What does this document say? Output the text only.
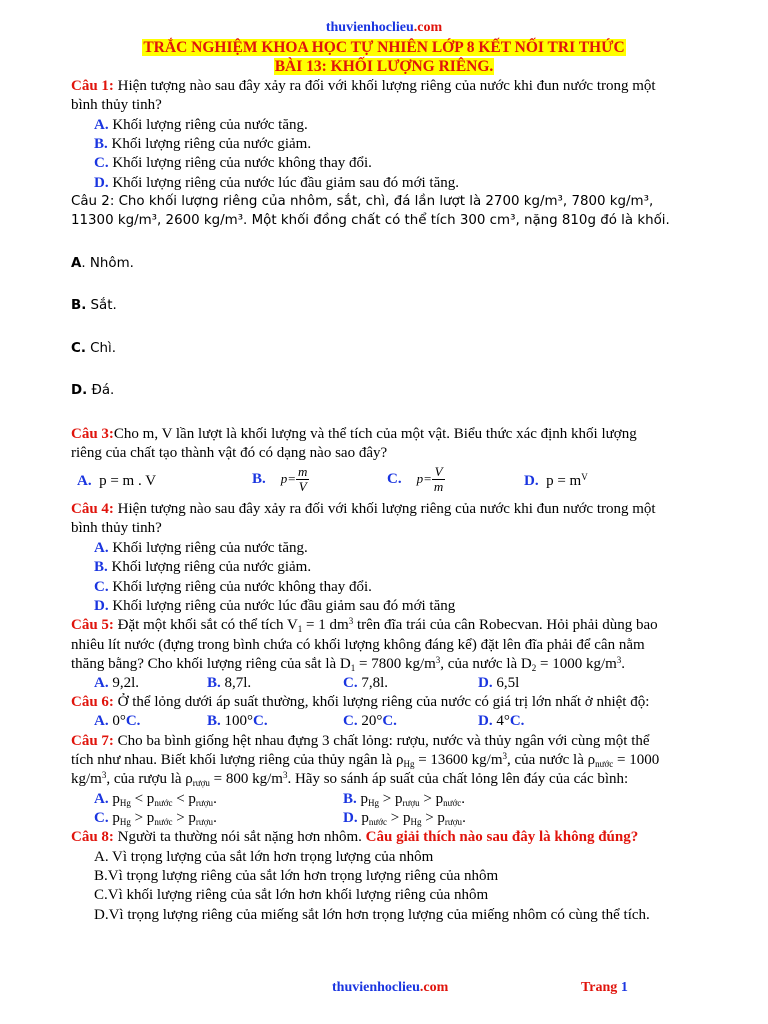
thuvienhoclieu.com
TRẮC NGHIỆM KHOA HỌC TỰ NHIÊN LỚP 8 KẾT NỐI TRI THỨC
BÀI 13: KHỐI LƯỢNG RIÊNG.
Câu 1: Hiện tượng nào sau đây xảy ra đối với khối lượng riêng của nước khi đun nước trong một
bình thủy tinh?
A. Khối lượng riêng của nước tăng.
B. Khối lượng riêng của nước giảm.
C. Khối lượng riêng của nước không thay đổi.
D. Khối lượng riêng của nước lúc đầu giảm sau đó mới tăng.
Câu 2: Cho khối lượng riêng của nhôm, sắt, chì, đá lần lượt là 2700 kg/m³, 7800 kg/m³,
11300 kg/m³, 2600 kg/m³. Một khối đồng chất có thể tích 300 cm³, nặng 810g đó là khối.
A. Nhôm.
B. Sắt.
C. Chì.
D. Đá.
Câu 3:Cho m, V lần lượt là khối lượng và thể tích của một vật. Biểu thức xác định khối lượng
riêng của chất tạo thành vật đó có dạng nào sao đây?
A. p = m . V	B. $p= \frac{m}{V}$	C. $p= \frac{V}{m}$	D. $p = m^V$
Câu 4: Hiện tượng nào sau đây xảy ra đối với khối lượng riêng của nước khi đun nước trong một
bình thủy tinh?
A. Khối lượng riêng của nước tăng.
B. Khối lượng riêng của nước giảm.
C. Khối lượng riêng của nước không thay đổi.
D. Khối lượng riêng của nước lúc đầu giảm sau đó mới tăng
Câu 5: Đặt một khối sắt có thể tích $V_1 = 1$ $dm^3$ trên đĩa trái của cân Robecvan. Hỏi phải dùng bao
nhiêu lít nước (đựng trong bình chứa có khối lượng không đáng kể) đặt lên đĩa phải để cân nằm
thăng bằng? Cho khối lượng riêng của sắt là $D_1 = 7800$ $kg/m^3$, của nước là $D_2 = 1000$ $kg/m^3$.
A. 9,2l.	B. 8,7l.	C. 7,8l.	D. 6,5l
Câu 6: Ở thể lỏng dưới áp suất thường, khối lượng riêng của nước có giá trị lớn nhất ở nhiệt độ:
A. 0°C.	B. 100°C.	C. 20°C.	D. 4°C.
Câu 7: Cho ba bình giống hệt nhau đựng 3 chất lỏng: rượu, nước và thủy ngân với cùng một thể
tích như nhau. Biết khối lượng riêng của thủy ngân là $\rho_{Hg} = 13600$ $kg/m^3$, của nước là $\rho_{nước} = 1000$
$kg/m^3$, của rượu là $\rho_{rượu} = 800$ $kg/m^3$. Hãy so sánh áp suất của chất lỏng lên đáy của các bình:
A. $p_{Hg} < p_{nước} < p_{rượu}$.	B. $p_{Hg} > p_{rượu} > p_{nước}$.
C. $p_{Hg} > p_{nước} > p_{rượu}$.	D. $p_{nước} > p_{Hg} > p_{rượu}$.
Câu 8: Người ta thường nói sắt nặng hơn nhôm. Câu giải thích nào sau đây là không đúng?
A. Vì trọng lượng của sắt lớn hơn trọng lượng của nhôm
B.Vì trọng lượng riêng của sắt lớn hơn trọng lượng riêng của nhôm
C.Vì khối lượng riêng của sắt lớn hơn khối lượng riêng của nhôm
D.Vì trọng lượng riêng của miếng sắt lớn hơn trọng lượng của miếng nhôm có cùng thể tích.
thuvienhoclieu.com	Trang 1
